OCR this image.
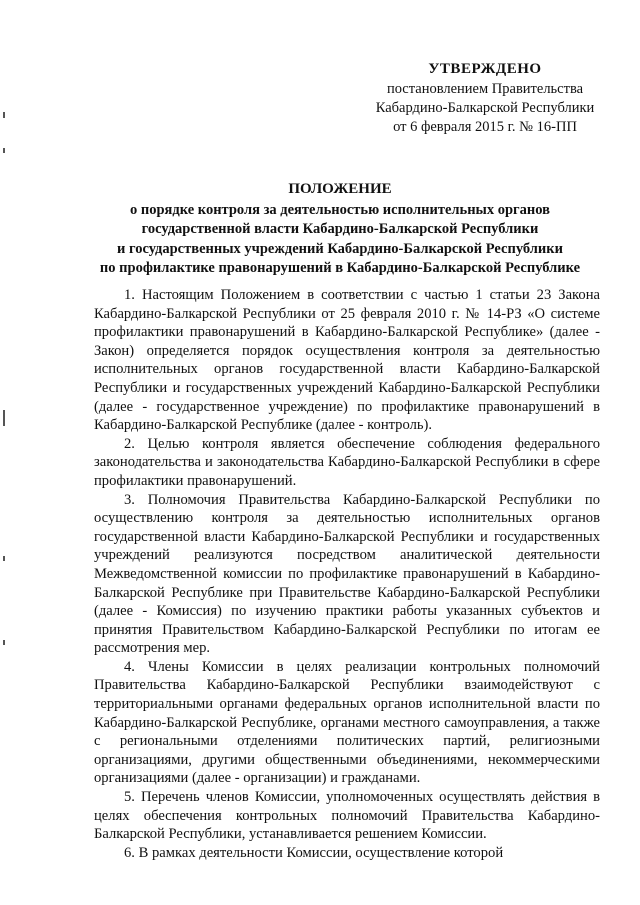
УТВЕРЖДЕНО
постановлением Правительства
Кабардино-Балкарской Республики
от 6 февраля 2015 г. № 16-ПП
ПОЛОЖЕНИЕ
о порядке контроля за деятельностью исполнительных органов
государственной власти Кабардино-Балкарской Республики
и государственных учреждений Кабардино-Балкарской Республики
по профилактике правонарушений в Кабардино-Балкарской Республике

1. Настоящим Положением в соответствии с частью 1 статьи 23 Закона Кабардино-Балкарской Республики от 25 февраля 2010 г. № 14-РЗ «О системе профилактики правонарушений в Кабардино-Балкарской Республике» (далее - Закон) определяется порядок осуществления контроля за деятельностью исполнительных органов государственной власти Кабардино-Балкарской Республики и государственных учреждений Кабардино-Балкарской Республики (далее - государственное учреждение) по профилактике правонарушений в Кабардино-Балкарской Республике (далее - контроль).

2. Целью контроля является обеспечение соблюдения федерального законодательства и законодательства Кабардино-Балкарской Республики в сфере профилактики правонарушений.

3. Полномочия Правительства Кабардино-Балкарской Республики по осуществлению контроля за деятельностью исполнительных органов государственной власти Кабардино-Балкарской Республики и государственных учреждений реализуются посредством аналитической деятельности Межведомственной комиссии по профилактике правонарушений в Кабардино-Балкарской Республике при Правительстве Кабардино-Балкарской Республики (далее - Комиссия) по изучению практики работы указанных субъектов и принятия Правительством Кабардино-Балкарской Республики по итогам ее рассмотрения мер.

4. Члены Комиссии в целях реализации контрольных полномочий Правительства Кабардино-Балкарской Республики взаимодействуют с территориальными органами федеральных органов исполнительной власти по Кабардино-Балкарской Республике, органами местного самоуправления, а также с региональными отделениями политических партий, религиозными организациями, другими общественными объединениями, некоммерческими организациями (далее - организации) и гражданами.

5. Перечень членов Комиссии, уполномоченных осуществлять действия в целях обеспечения контрольных полномочий Правительства Кабардино-Балкарской Республики, устанавливается решением Комиссии.

6. В рамках деятельности Комиссии, осуществление которой
